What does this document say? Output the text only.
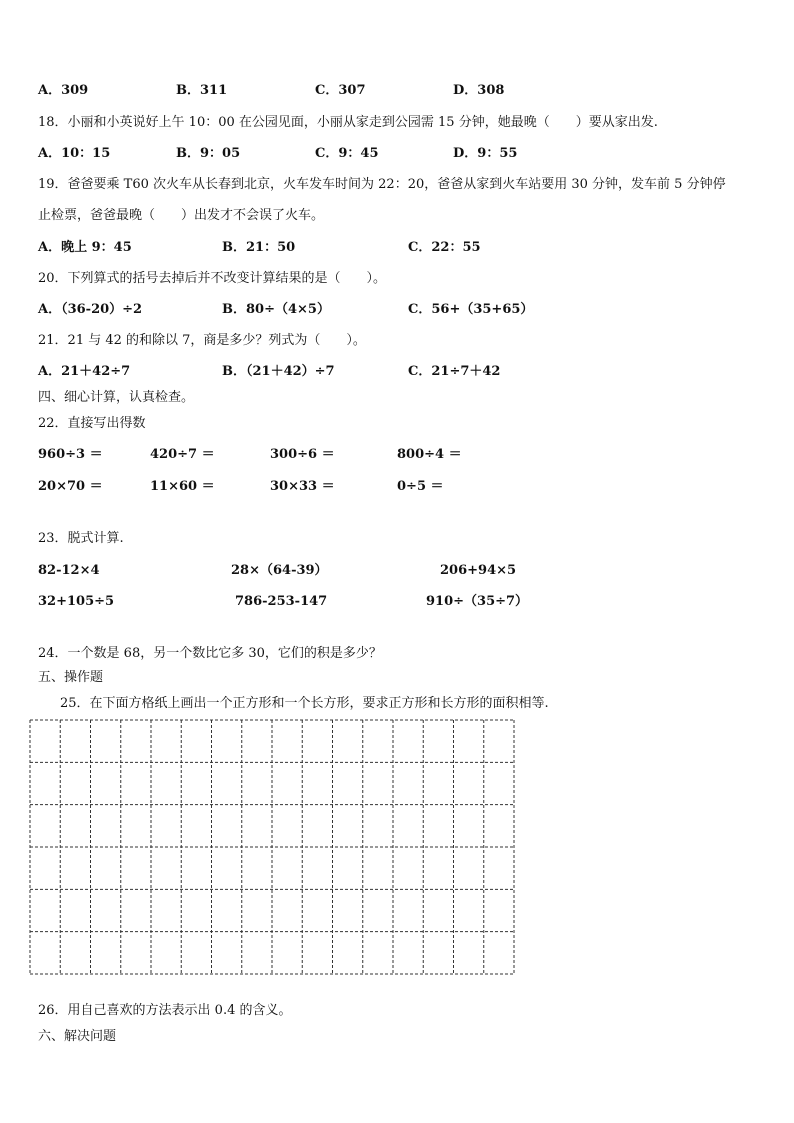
A．309	B．311	C．307	D．308

18．小丽和小英说好上午 10：00 在公园见面，小丽从家走到公园需 15 分钟，她最晚（　　）要从家出发.

A．10：15	B．9：05	C．9：45	D．9：55

19．爸爸要乘 T60 次火车从长春到北京，火车发车时间为 22：20，爸爸从家到火车站要用 30 分钟，发车前 5 分钟停

止检票，爸爸最晚（　　）出发才不会误了火车。

A．晚上 9：45	B．21：50	C．22：55

20．下列算式的括号去掉后并不改变计算结果的是（　　）。

A．（36-20）÷2	B．80÷（4×5）	C．56+（35+65）

21．21 与 42 的和除以 7，商是多少？列式为（　　）。

A．21＋42÷7	B．（21＋42）÷7	C．21÷7＋42

四、细心计算，认真检查。

22．直接写出得数

960÷3 ＝	420÷7 ＝	300÷6 ＝	800÷4 ＝

20×70 ＝	11×60 ＝	30×33 ＝	0÷5 ＝

23．脱式计算.

82-12×4	28×（64-39）	206+94×5

32+105÷5	786-253-147	910÷（35÷7）

24．一个数是 68，另一个数比它多 30，它们的积是多少？

五、操作题

25．在下面方格纸上画出一个正方形和一个长方形，要求正方形和长方形的面积相等.

26．用自己喜欢的方法表示出 0.4 的含义。

六、解决问题
